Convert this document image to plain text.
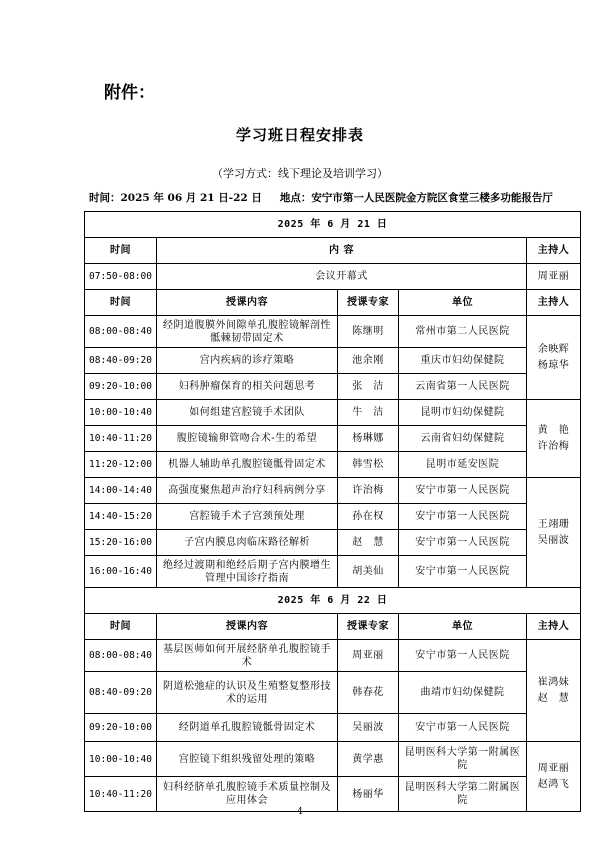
附件：
学习班日程安排表
（学习方式：线下理论及培训学习）
时间：2025 年 06 月 21 日-22 日 地点：安宁市第一人民医院金方院区食堂三楼多功能报告厅
2025 年 6 月 21 日				
时间	内 容			主持人
07:50-08:00	会议开幕式			周亚丽
时间	授课内容	授课专家	单位	主持人
08:00-08:40	经阴道腹膜外间隙单孔腹腔镜解剖性骶棘韧带固定术	陈继明	常州市第二人民医院	余映辉
杨琼华

08:40-09:20	宫内疾病的诊疗策略	池余刚	重庆市妇幼保健院	
09:20-10:00	妇科肿瘤保育的相关问题思考	张　洁	云南省第一人民医院	
10:00-10:40	如何组建宫腔镜手术团队	牛　洁	昆明市妇幼保健院	黄　艳
许治梅

10:40-11:20	腹腔镜输卵管吻合术-生的希望	杨琳娜	云南省妇幼保健院	
11:20-12:00	机器人辅助单孔腹腔镜骶骨固定术	韩雪松	昆明市延安医院	
14:00-14:40	高强度聚焦超声治疗妇科病例分享	许治梅	安宁市第一人民医院	王翊珊
吴丽波

14:40-15:20	宫腔镜手术子宫颈预处理	孙在权	安宁市第一人民医院	
15:20-16:00	子宫内膜息肉临床路径解析	赵　慧	安宁市第一人民医院	
16:00-16:40	绝经过渡期和绝经后期子宫内膜增生管理中国诊疗指南	胡美仙	安宁市第一人民医院	
2025 年 6 月 22 日				
时间	授课内容	授课专家	单位	主持人
08:00-08:40	基层医师如何开展经脐单孔腹腔镜手术	周亚丽	安宁市第一人民医院	崔鸿妹
赵　慧

08:40-09:20	阴道松弛症的认识及生殖整复整形技术的运用	韩春花	曲靖市妇幼保健院	
09:20-10:00	经阴道单孔腹腔镜骶骨固定术	吴丽波	安宁市第一人民医院	
10:00-10:40	宫腔镜下组织残留处理的策略	黄学惠	昆明医科大学第一附属医院	周亚丽
赵鸿飞

10:40-11:20	妇科经脐单孔腹腔镜手术质量控制及应用体会	杨丽华	昆明医科大学第二附属医院	
4
